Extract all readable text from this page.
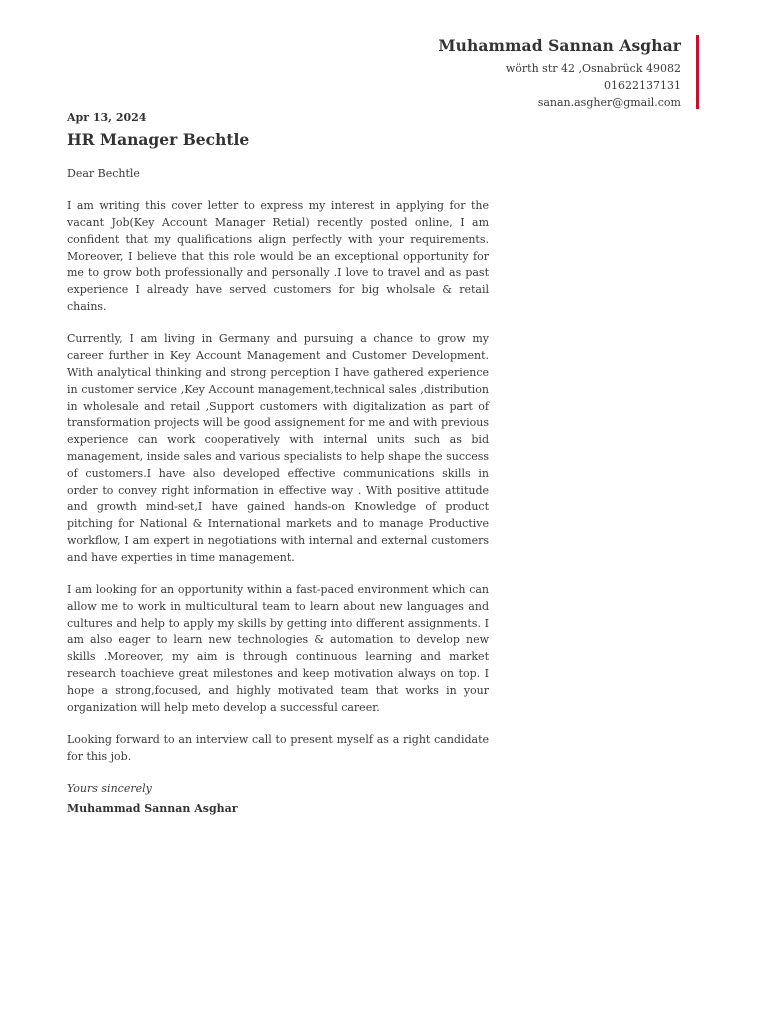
Muhammad Sannan Asghar
wörth str 42 ,Osnabrück 49082
01622137131
sanan.asgher@gmail.com
Apr 13, 2024
HR Manager Bechtle
Dear Bechtle

I am writing this cover letter to express my interest in applying for the vacant Job(Key Account Manager Retial) recently posted online, I am confident that my qualifications align perfectly with your requirements. Moreover, I believe that this role would be an exceptional opportunity for me to grow both professionally and personally .I love to travel and as past experience I already have served customers for big wholsale & retail chains.

Currently, I am living in Germany and pursuing a chance to grow my career further in Key Account Management and Customer Development. With analytical thinking and strong perception I have gathered experience in customer service ,Key Account management,technical sales ,distribution in wholesale and retail ,Support customers with digitalization as part of transformation projects will be good assignement for me and with previous experience can work cooperatively with internal units such as bid management, inside sales and various specialists to help shape the success of customers.I have also developed effective communications skills in order to convey right information in effective way . With positive attitude and growth mind-set,I have gained hands-on Knowledge of product pitching for National & International markets and to manage Productive workflow, I am expert in negotiations with internal and external customers and have experties in time management.

I am looking for an opportunity within a fast-paced environment which can allow me to work in multicultural team to learn about new languages and cultures and help to apply my skills by getting into different assignments. I am also eager to learn new technologies & automation to develop new skills .Moreover, my aim is through continuous learning and market research toachieve great milestones and keep motivation always on top. I hope a strong,focused, and highly motivated team that works in your organization will help meto develop a successful career.

Looking forward to an interview call to present myself as a right candidate for this job.

Yours sincerely
Muhammad Sannan Asghar
